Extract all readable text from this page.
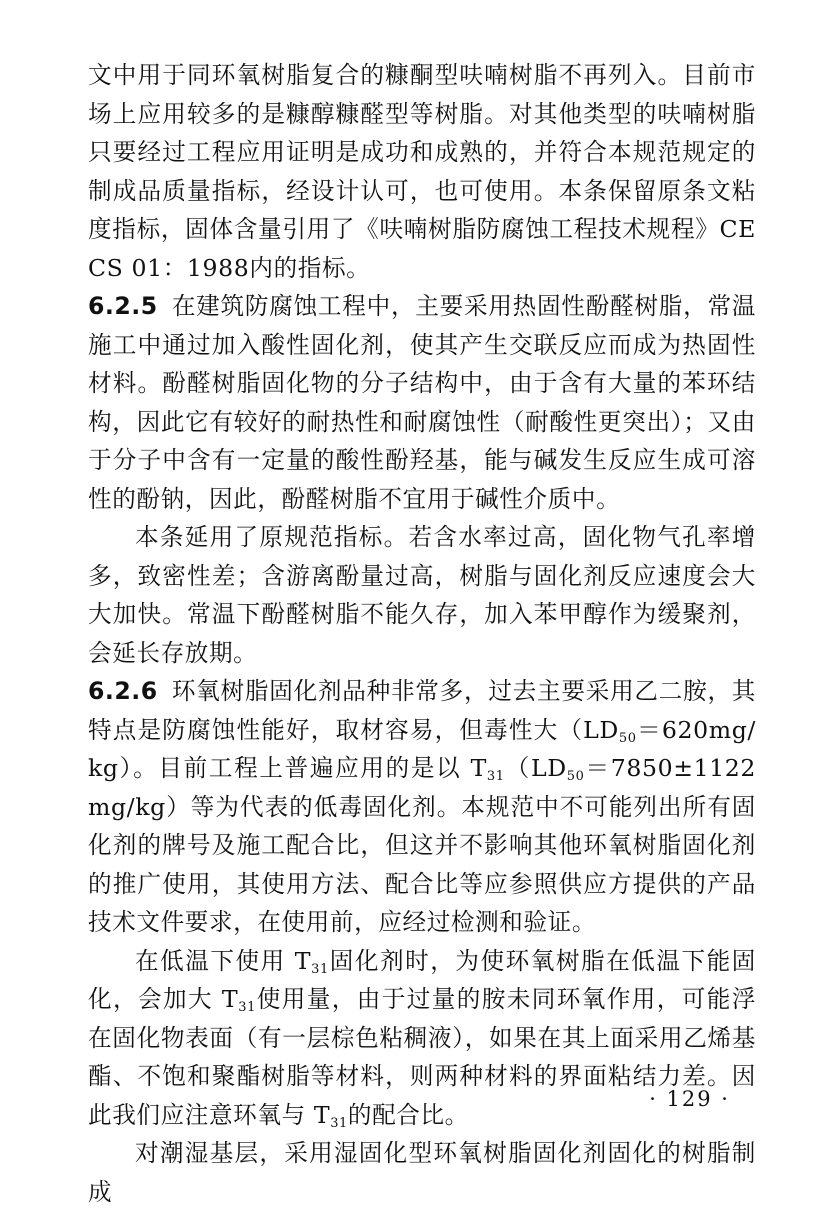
文中用于同环氧树脂复合的糠酮型呋喃树脂不再列入。目前市场上应用较多的是糠醇糠醛型等树脂。对其他类型的呋喃树脂只要经过工程应用证明是成功和成熟的，并符合本规范规定的制成品质量指标，经设计认可，也可使用。本条保留原条文粘度指标，固体含量引用了《呋喃树脂防腐蚀工程技术规程》CECS 01：1988内的指标。

6.2.5 在建筑防腐蚀工程中，主要采用热固性酚醛树脂，常温施工中通过加入酸性固化剂，使其产生交联反应而成为热固性材料。酚醛树脂固化物的分子结构中，由于含有大量的苯环结构，因此它有较好的耐热性和耐腐蚀性（耐酸性更突出）；又由于分子中含有一定量的酸性酚羟基，能与碱发生反应生成可溶性的酚钠，因此，酚醛树脂不宜用于碱性介质中。

本条延用了原规范指标。若含水率过高，固化物气孔率增多，致密性差；含游离酚量过高，树脂与固化剂反应速度会大大加快。常温下酚醛树脂不能久存，加入苯甲醇作为缓聚剂，会延长存放期。

6.2.6 环氧树脂固化剂品种非常多，过去主要采用乙二胺，其特点是防腐蚀性能好，取材容易，但毒性大$(LD_{50}=620mg/kg)$。目前工程上普遍应用的是以 $T_{31}(LD_{50}=7850\pm 1122mg/kg)$等为代表的低毒固化剂。本规范中不可能列出所有固化剂的牌号及施工配合比，但这并不影响其他环氧树脂固化剂的推广使用，其使用方法、配合比等应参照供应方提供的产品技术文件要求，在使用前，应经过检测和验证。

在低温下使用 $T_{31}$固化剂时，为使环氧树脂在低温下能固化，会加大 $T_{31}$使用量，由于过量的胺未同环氧作用，可能浮在固化物表面（有一层棕色粘稠液），如果在其上面采用乙烯基酯、不饱和聚酯树脂等材料，则两种材料的界面粘结力差。因此我们应注意环氧与 $T_{31}$的配合比。

对潮湿基层，采用湿固化型环氧树脂固化剂固化的树脂制成

· 129 ·
